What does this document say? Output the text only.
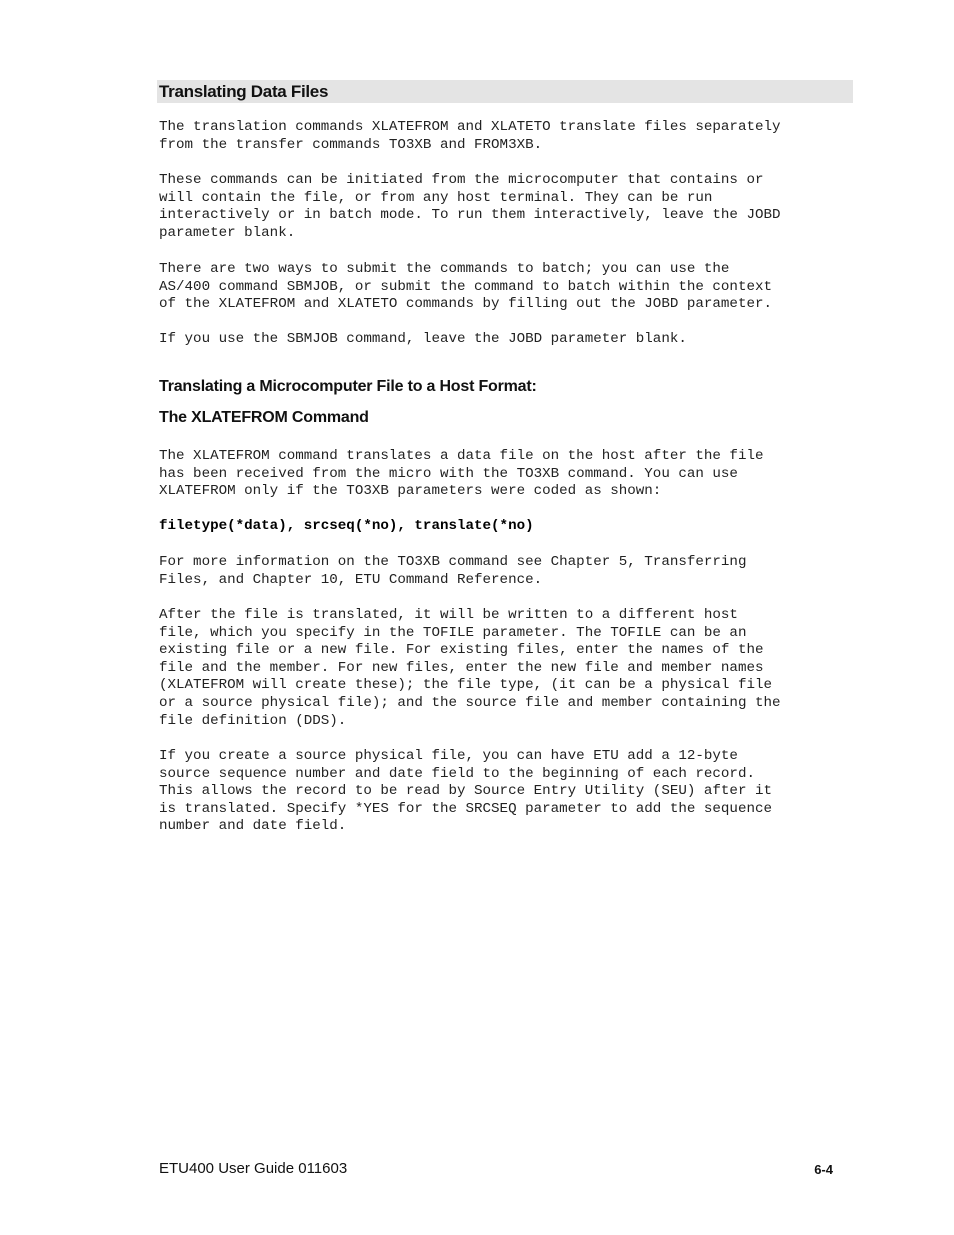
Translating Data Files

The translation commands XLATEFROM and XLATETO translate files separately
from the transfer commands TO3XB and FROM3XB.

These commands can be initiated from the microcomputer that contains or
will contain the file, or from any host terminal. They can be run
interactively or in batch mode. To run them interactively, leave the JOBD
parameter blank.

There are two ways to submit the commands to batch; you can use the
AS/400 command SBMJOB, or submit the command to batch within the context
of the XLATEFROM and XLATETO commands by filling out the JOBD parameter.

If you use the SBMJOB command, leave the JOBD parameter blank.

Translating a Microcomputer File to a Host Format:
The XLATEFROM Command

The XLATEFROM command translates a data file on the host after the file
has been received from the micro with the TO3XB command. You can use
XLATEFROM only if the TO3XB parameters were coded as shown:

filetype(*data), srcseq(*no), translate(*no)

For more information on the TO3XB command see Chapter 5, Transferring
Files, and Chapter 10, ETU Command Reference.

After the file is translated, it will be written to a different host
file, which you specify in the TOFILE parameter. The TOFILE can be an
existing file or a new file. For existing files, enter the names of the
file and the member. For new files, enter the new file and member names
(XLATEFROM will create these); the file type, (it can be a physical file
or a source physical file); and the source file and member containing the
file definition (DDS).

If you create a source physical file, you can have ETU add a 12-byte
source sequence number and date field to the beginning of each record.
This allows the record to be read by Source Entry Utility (SEU) after it
is translated. Specify *YES for the SRCSEQ parameter to add the sequence
number and date field.

ETU400 User Guide 011603	6-4
